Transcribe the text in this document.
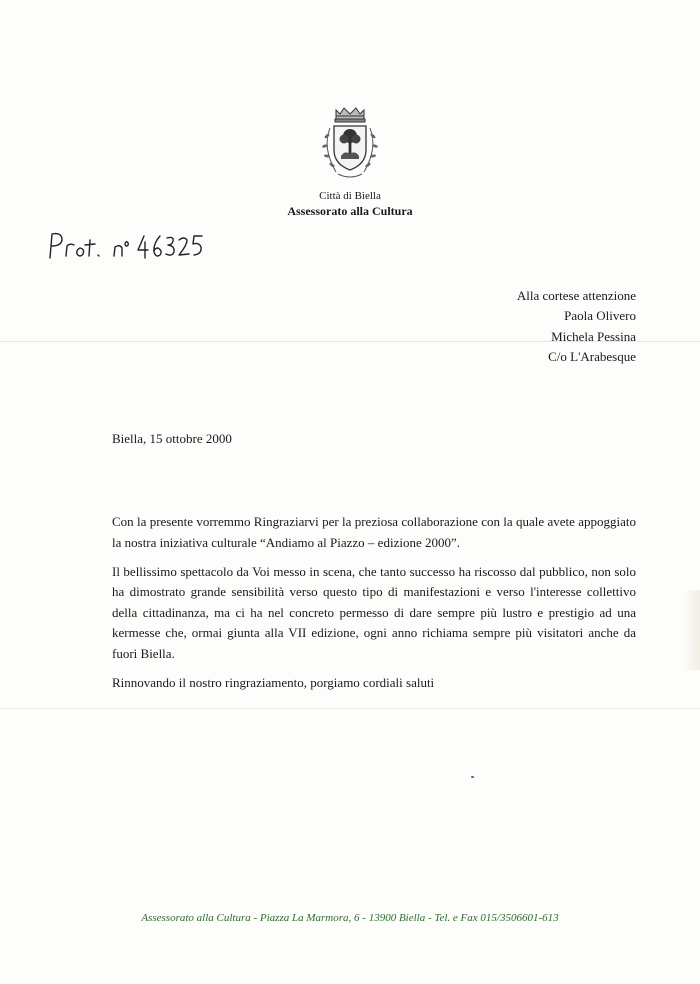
Città di Biella
Assessorato alla Cultura
Alla cortese attenzione
Paola Olivero
Michela Pessina
C/o L'Arabesque
Biella, 15 ottobre 2000

Con la presente vorremmo Ringraziarvi per la preziosa collaborazione con la quale avete appoggiato la nostra iniziativa culturale “Andiamo al Piazzo – edizione 2000”.

Il bellissimo spettacolo da Voi messo in scena, che tanto successo ha riscosso dal pubblico, non solo ha dimostrato grande sensibilità verso questo tipo di manifestazioni e verso l'interesse collettivo della cittadinanza, ma ci ha nel concreto permesso di dare sempre più lustro e prestigio ad una kermesse che, ormai giunta alla VII edizione, ogni anno richiama sempre più visitatori anche da fuori Biella.

Rinnovando il nostro ringraziamento, porgiamo cordiali saluti

Assessorato alla Cultura - Piazza La Marmora, 6 - 13900 Biella - Tel. e Fax 015/3506601-613
